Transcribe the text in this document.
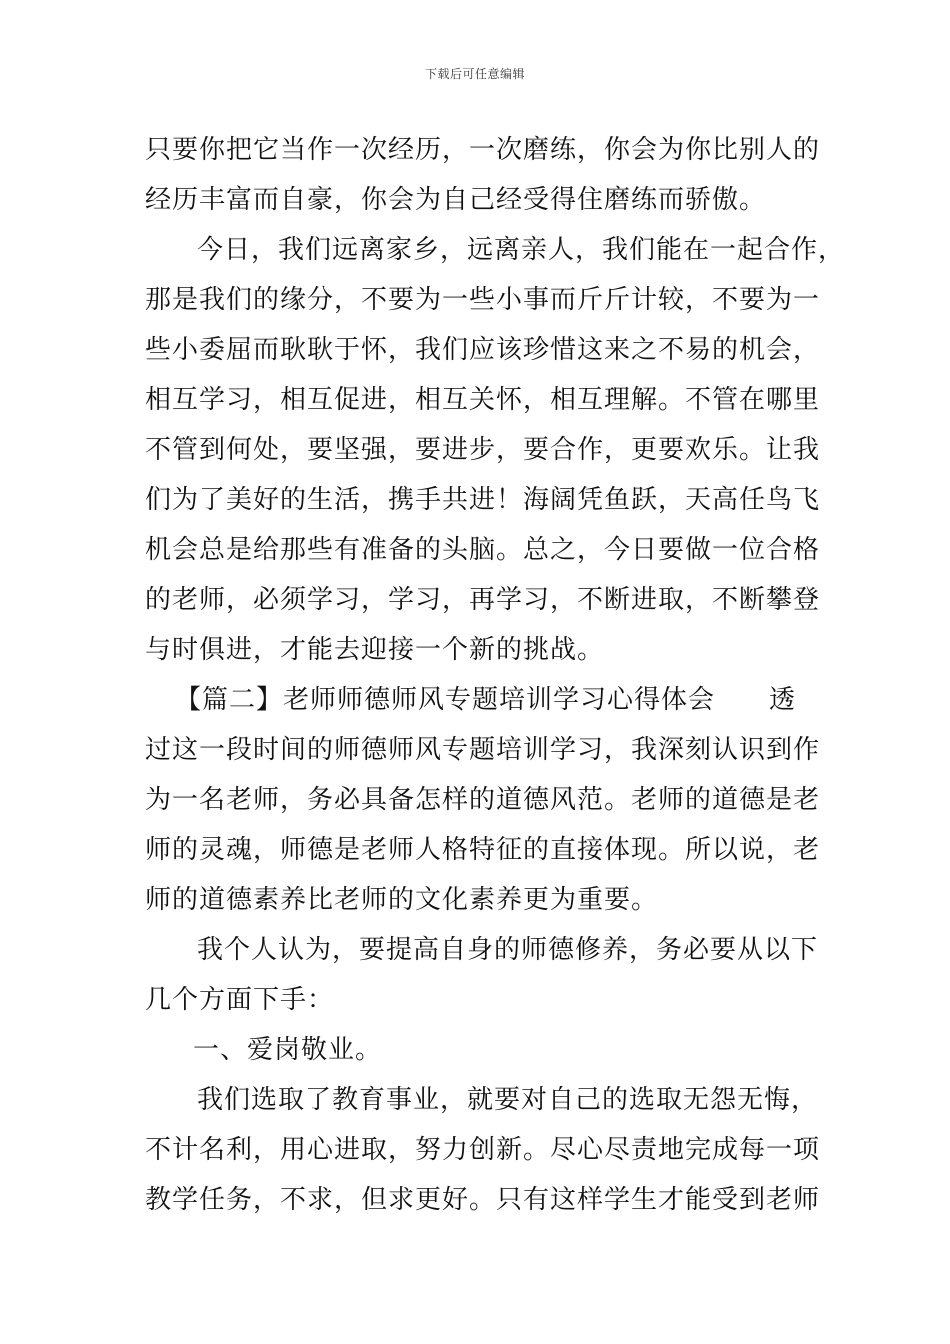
下载后可任意编辑
只要你把它当作一次经历，一次磨练，你会为你比别人的
经历丰富而自豪，你会为自己经受得住磨练而骄傲。
今日，我们远离家乡，远离亲人，我们能在一起合作，
那是我们的缘分，不要为一些小事而斤斤计较，不要为一
些小委屈而耿耿于怀，我们应该珍惜这来之不易的机会，
相互学习，相互促进，相互关怀，相互理解。不管在哪里
不管到何处，要坚强，要进步，要合作，更要欢乐。让我
们为了美好的生活，携手共进！海阔凭鱼跃，天高任鸟飞
机会总是给那些有准备的头脑。总之，今日要做一位合格
的老师，必须学习，学习，再学习，不断进取，不断攀登
与时俱进，才能去迎接一个新的挑战。
【篇二】老师师德师风专题培训学习心得体会　　透
过这一段时间的师德师风专题培训学习，我深刻认识到作
为一名老师，务必具备怎样的道德风范。老师的道德是老
师的灵魂，师德是老师人格特征的直接体现。所以说，老
师的道德素养比老师的文化素养更为重要。
我个人认为，要提高自身的师德修养，务必要从以下
几个方面下手：
一、爱岗敬业。
我们选取了教育事业，就要对自己的选取无怨无悔，
不计名利，用心进取，努力创新。尽心尽责地完成每一项
教学任务，不求，但求更好。只有这样学生才能受到老师
